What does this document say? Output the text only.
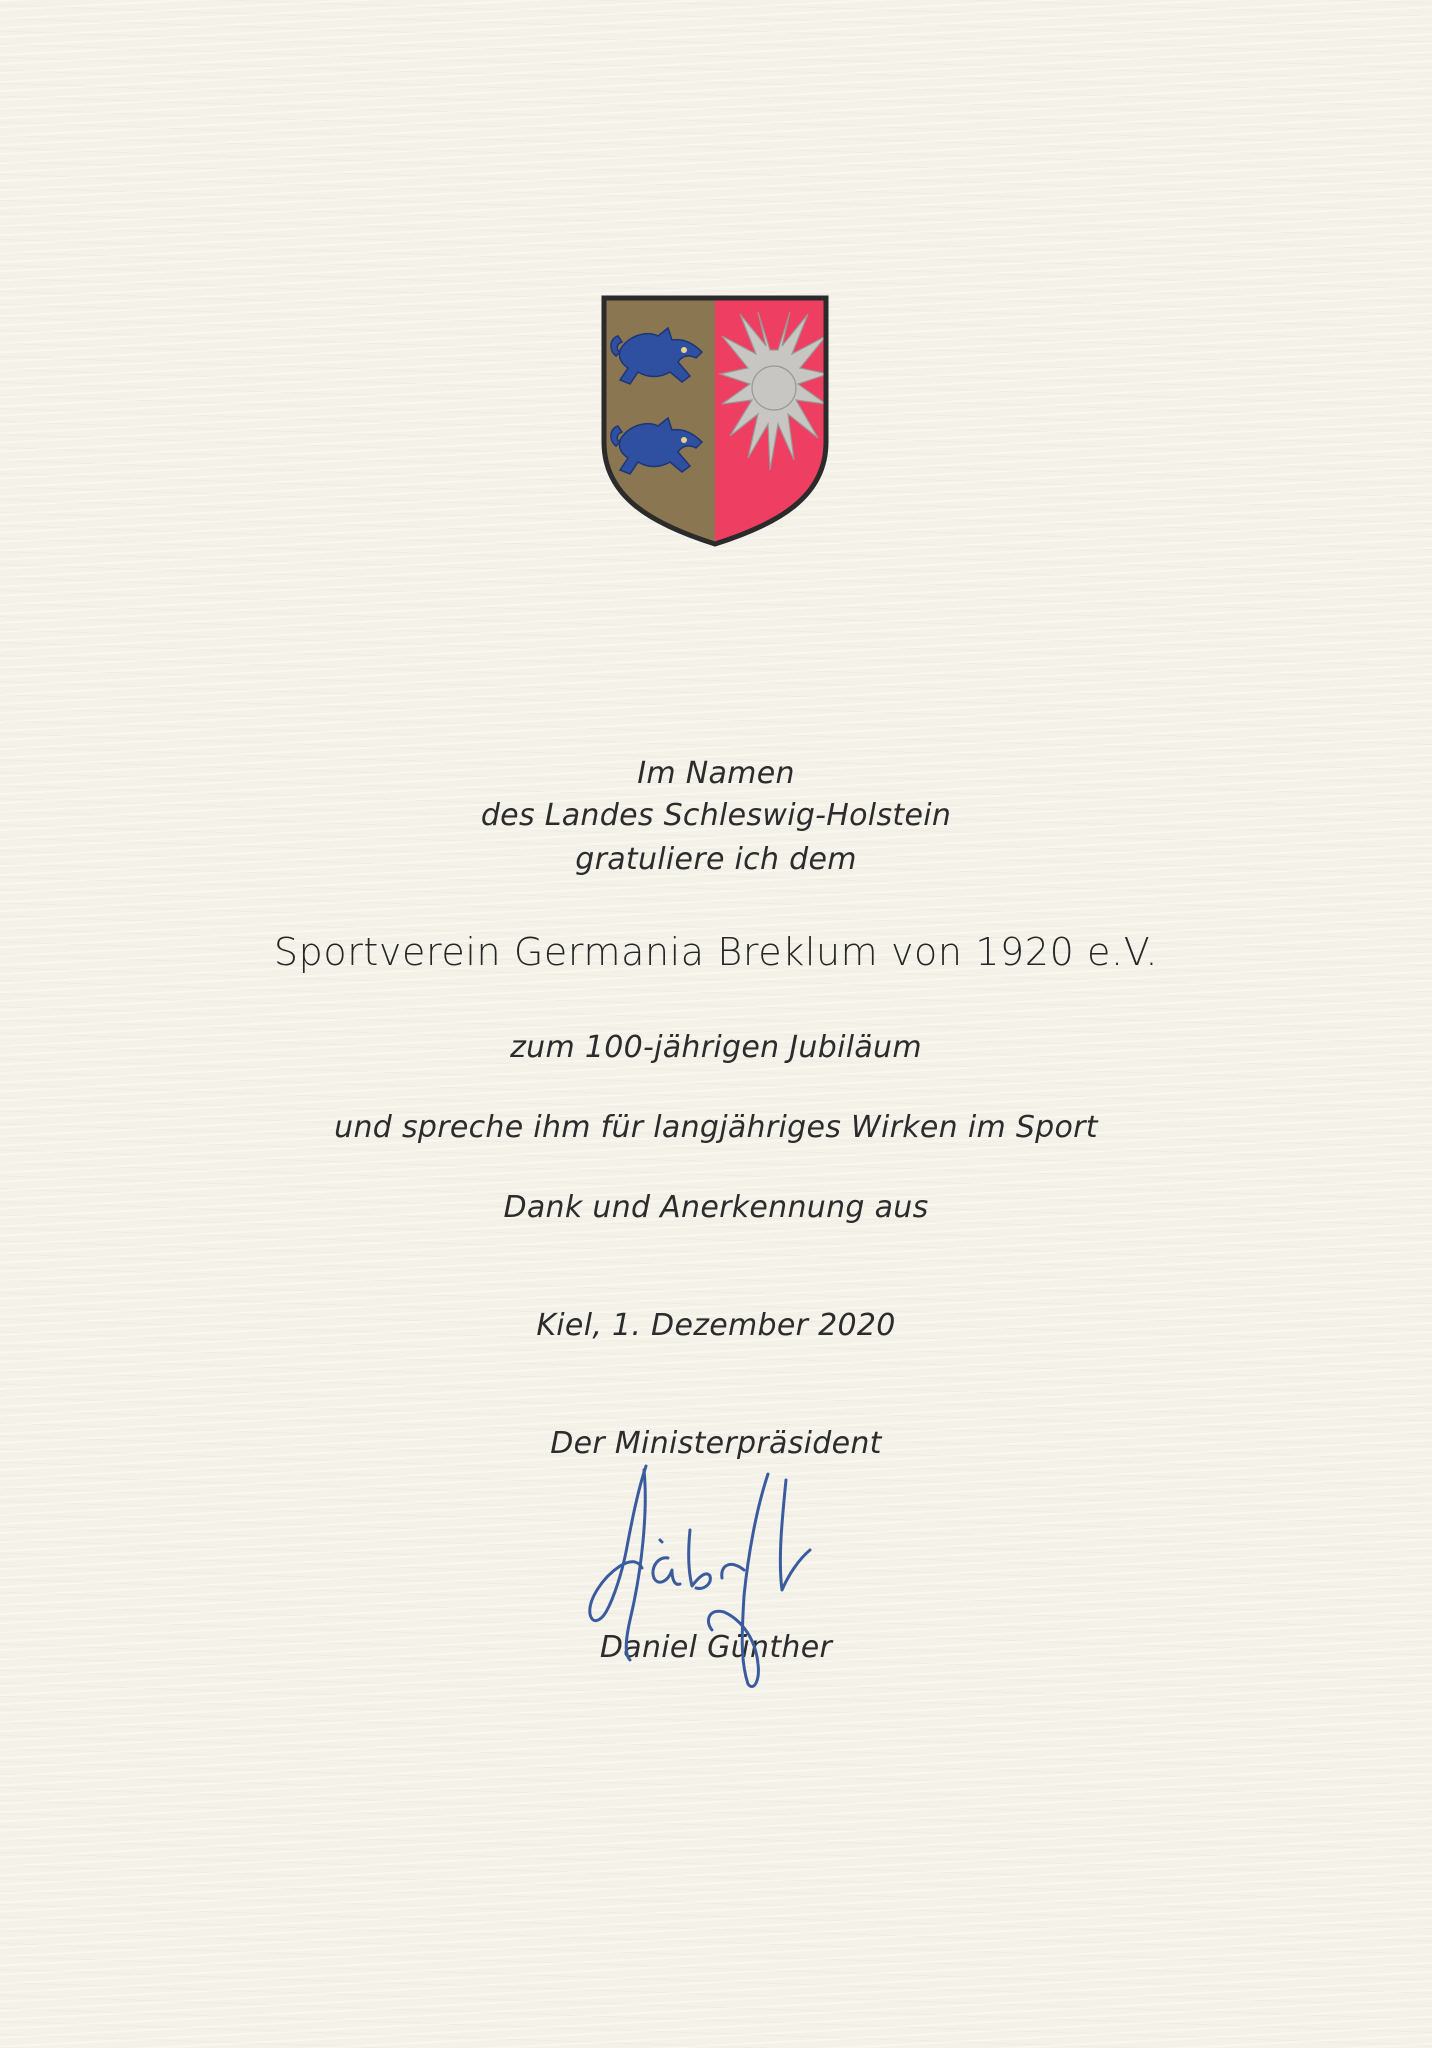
Im Namen
des Landes Schleswig-Holstein
gratuliere ich dem
Sportverein Germania Breklum von 1920 e.V.
zum 100-jährigen Jubiläum
und spreche ihm für langjähriges Wirken im Sport
Dank und Anerkennung aus
Kiel, 1. Dezember 2020
Der Ministerpräsident
Daniel Günther
